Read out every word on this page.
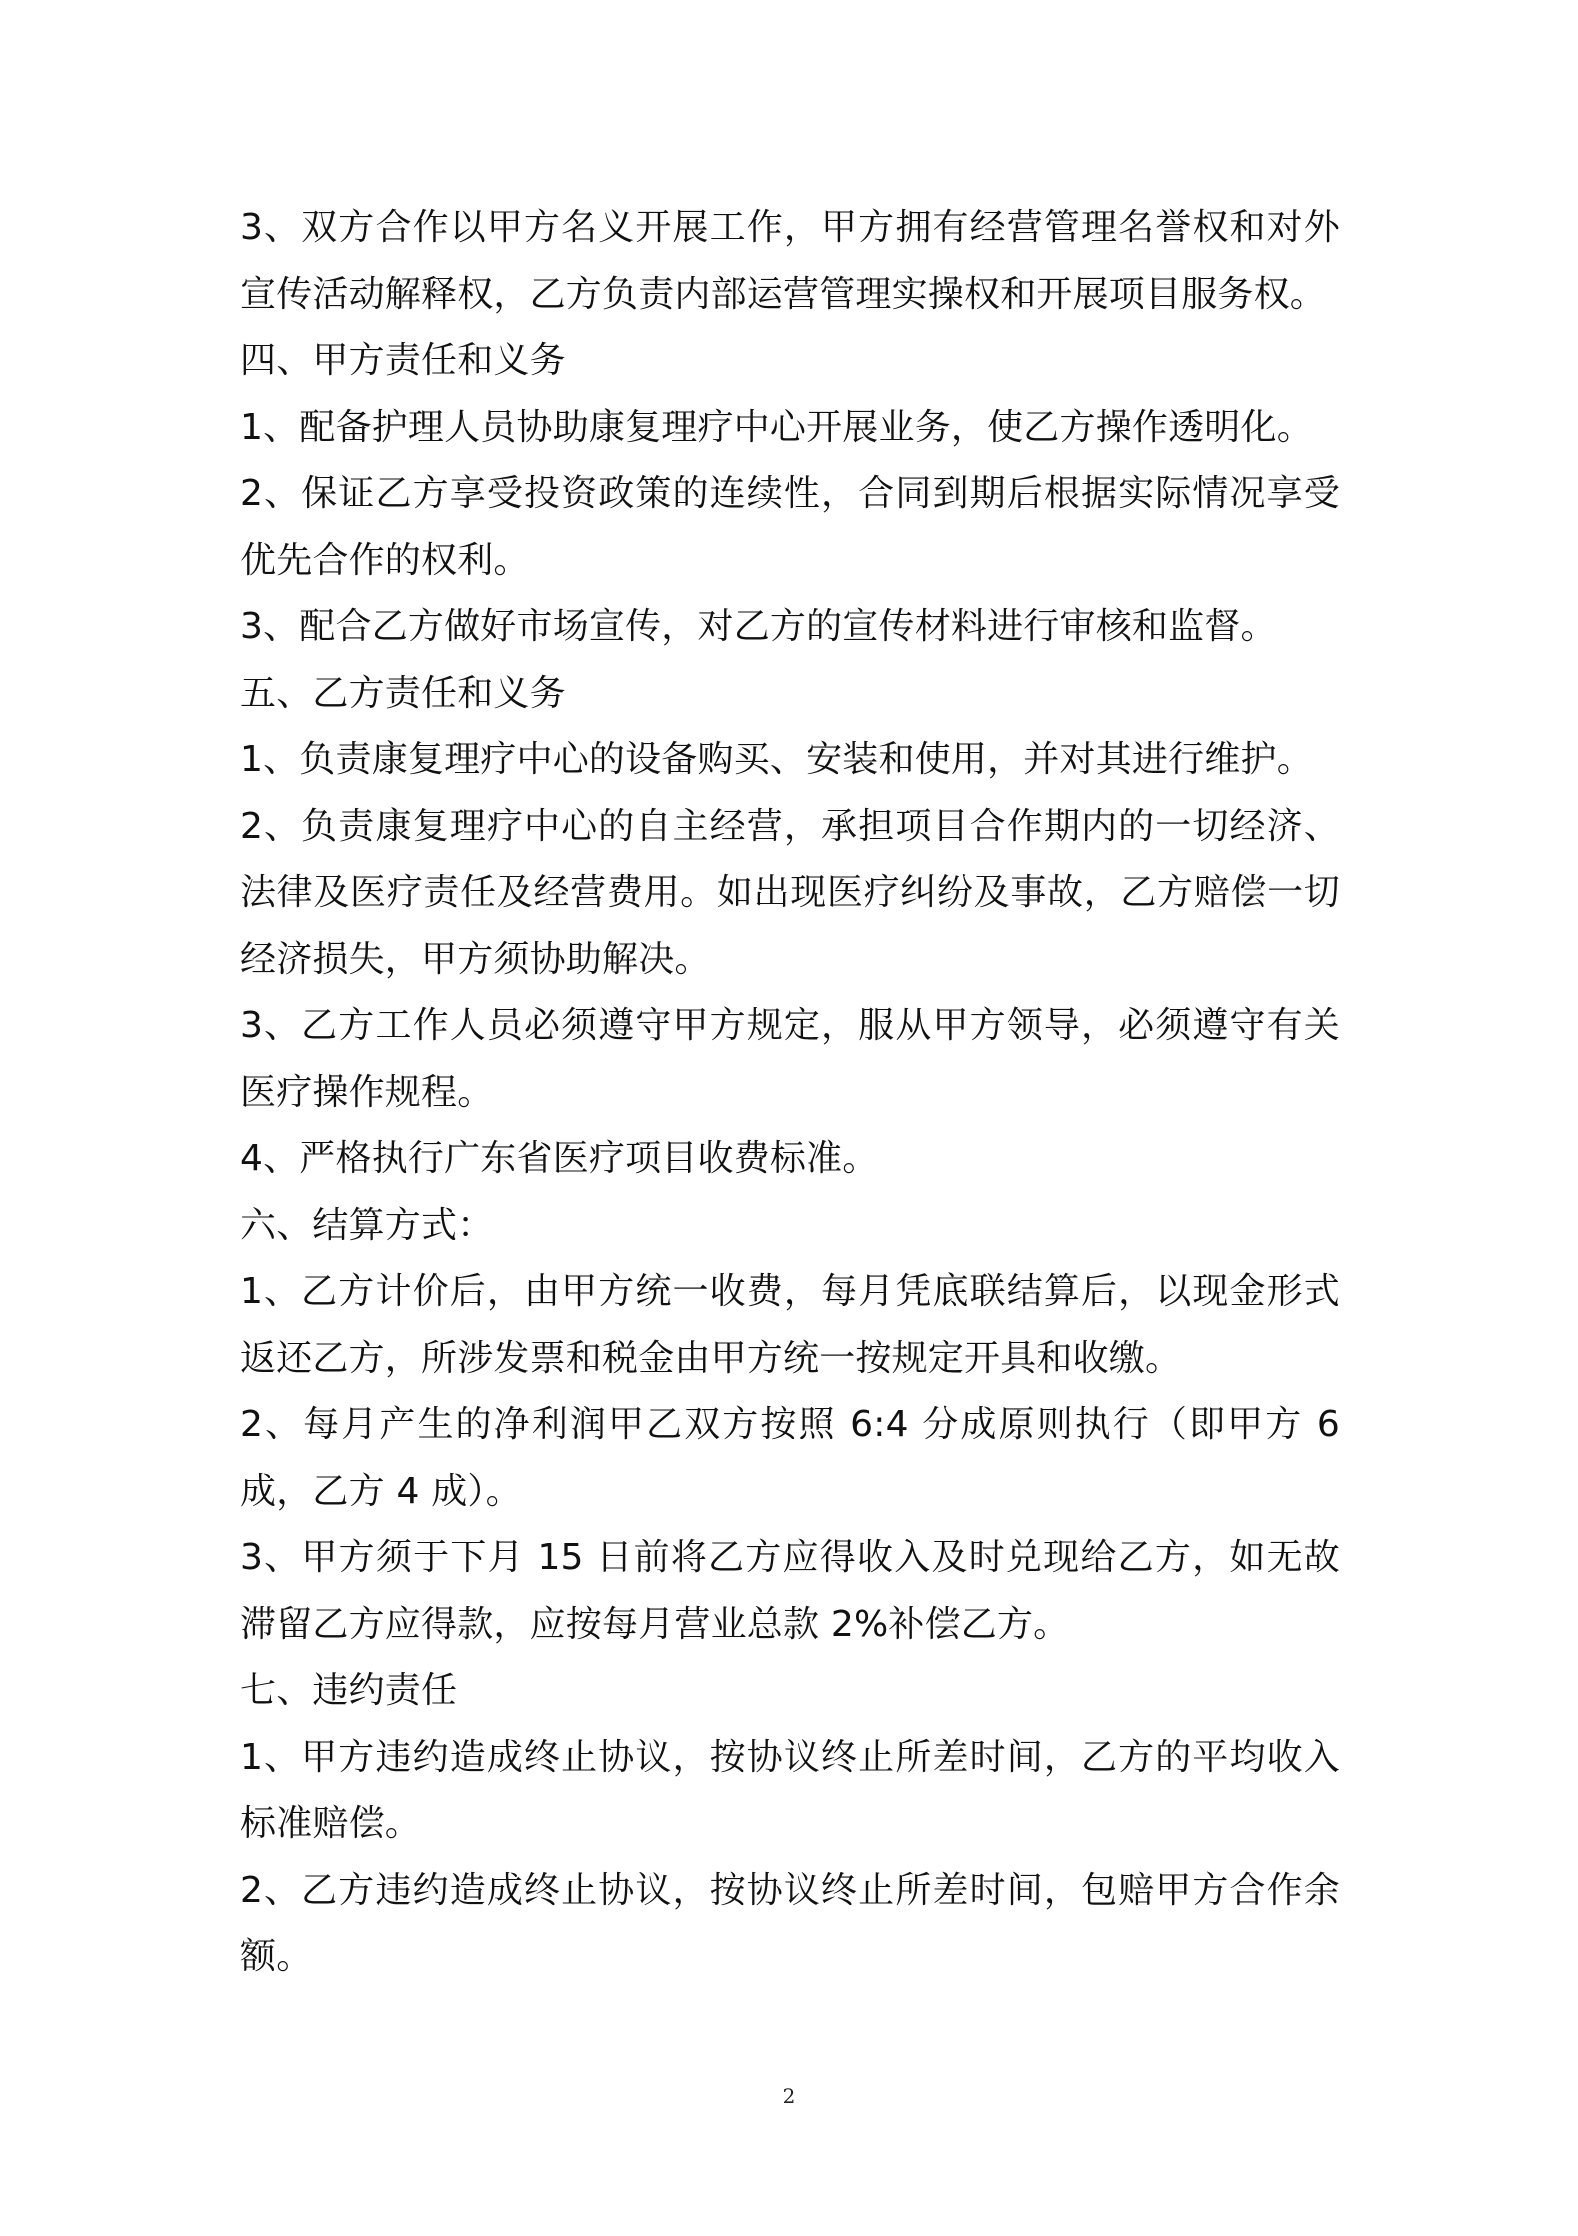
3、双方合作以甲方名义开展工作，甲方拥有经营管理名誉权和对外宣传活动解释权，乙方负责内部运营管理实操权和开展项目服务权。

四、甲方责任和义务

1、配备护理人员协助康复理疗中心开展业务，使乙方操作透明化。

2、保证乙方享受投资政策的连续性，合同到期后根据实际情况享受优先合作的权利。

3、配合乙方做好市场宣传，对乙方的宣传材料进行审核和监督。

五、乙方责任和义务

1、负责康复理疗中心的设备购买、安装和使用，并对其进行维护。

2、负责康复理疗中心的自主经营，承担项目合作期内的一切经济、法律及医疗责任及经营费用。如出现医疗纠纷及事故，乙方赔偿一切经济损失，甲方须协助解决。

3、乙方工作人员必须遵守甲方规定，服从甲方领导，必须遵守有关医疗操作规程。

4、严格执行广东省医疗项目收费标准。

六、结算方式：

1、乙方计价后，由甲方统一收费，每月凭底联结算后，以现金形式返还乙方，所涉发票和税金由甲方统一按规定开具和收缴。

2、每月产生的净利润甲乙双方按照 6:4 分成原则执行（即甲方 6 成，乙方 4 成）。

3、甲方须于下月 15 日前将乙方应得收入及时兑现给乙方，如无故滞留乙方应得款，应按每月营业总款 2%补偿乙方。

七、违约责任

1、甲方违约造成终止协议，按协议终止所差时间，乙方的平均收入标准赔偿。

2、乙方违约造成终止协议，按协议终止所差时间，包赔甲方合作余额。

2
